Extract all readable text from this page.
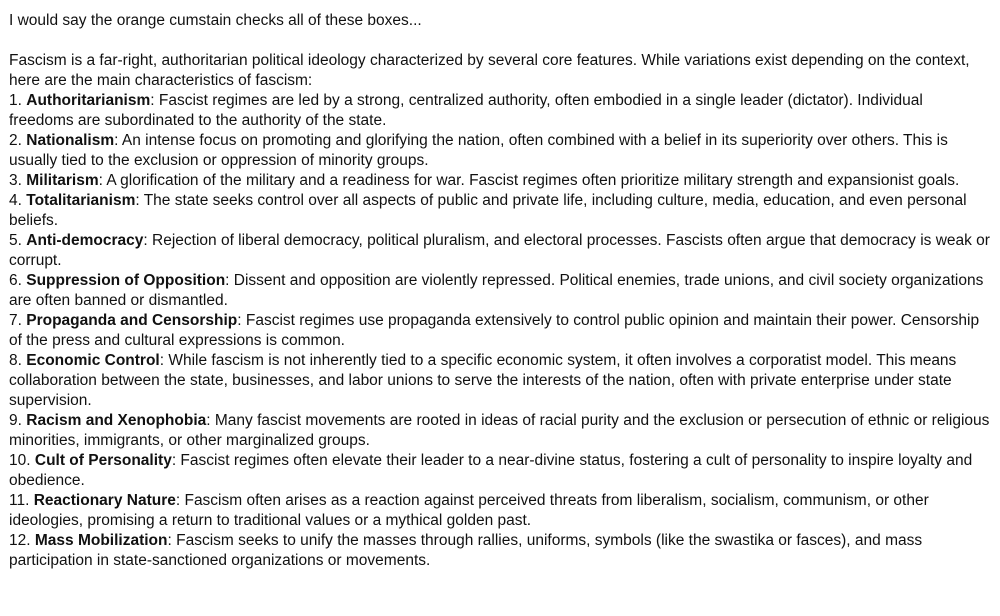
I would say the orange cumstain checks all of these boxes...

Fascism is a far-right, authoritarian political ideology characterized by several core features. While variations exist depending on the context, here are the main characteristics of fascism:

1. Authoritarianism: Fascist regimes are led by a strong, centralized authority, often embodied in a single leader (dictator). Individual freedoms are subordinated to the authority of the state.
2. Nationalism: An intense focus on promoting and glorifying the nation, often combined with a belief in its superiority over others. This is usually tied to the exclusion or oppression of minority groups.
3. Militarism: A glorification of the military and a readiness for war. Fascist regimes often prioritize military strength and expansionist goals.
4. Totalitarianism: The state seeks control over all aspects of public and private life, including culture, media, education, and even personal beliefs.
5. Anti-democracy: Rejection of liberal democracy, political pluralism, and electoral processes. Fascists often argue that democracy is weak or corrupt.
6. Suppression of Opposition: Dissent and opposition are violently repressed. Political enemies, trade unions, and civil society organizations are often banned or dismantled.
7. Propaganda and Censorship: Fascist regimes use propaganda extensively to control public opinion and maintain their power. Censorship of the press and cultural expressions is common.
8. Economic Control: While fascism is not inherently tied to a specific economic system, it often involves a corporatist model. This means collaboration between the state, businesses, and labor unions to serve the interests of the nation, often with private enterprise under state supervision.
9. Racism and Xenophobia: Many fascist movements are rooted in ideas of racial purity and the exclusion or persecution of ethnic or religious minorities, immigrants, or other marginalized groups.
10. Cult of Personality: Fascist regimes often elevate their leader to a near-divine status, fostering a cult of personality to inspire loyalty and obedience.
11. Reactionary Nature: Fascism often arises as a reaction against perceived threats from liberalism, socialism, communism, or other ideologies, promising a return to traditional values or a mythical golden past.
12. Mass Mobilization: Fascism seeks to unify the masses through rallies, uniforms, symbols (like the swastika or fasces), and mass participation in state-sanctioned organizations or movements.
